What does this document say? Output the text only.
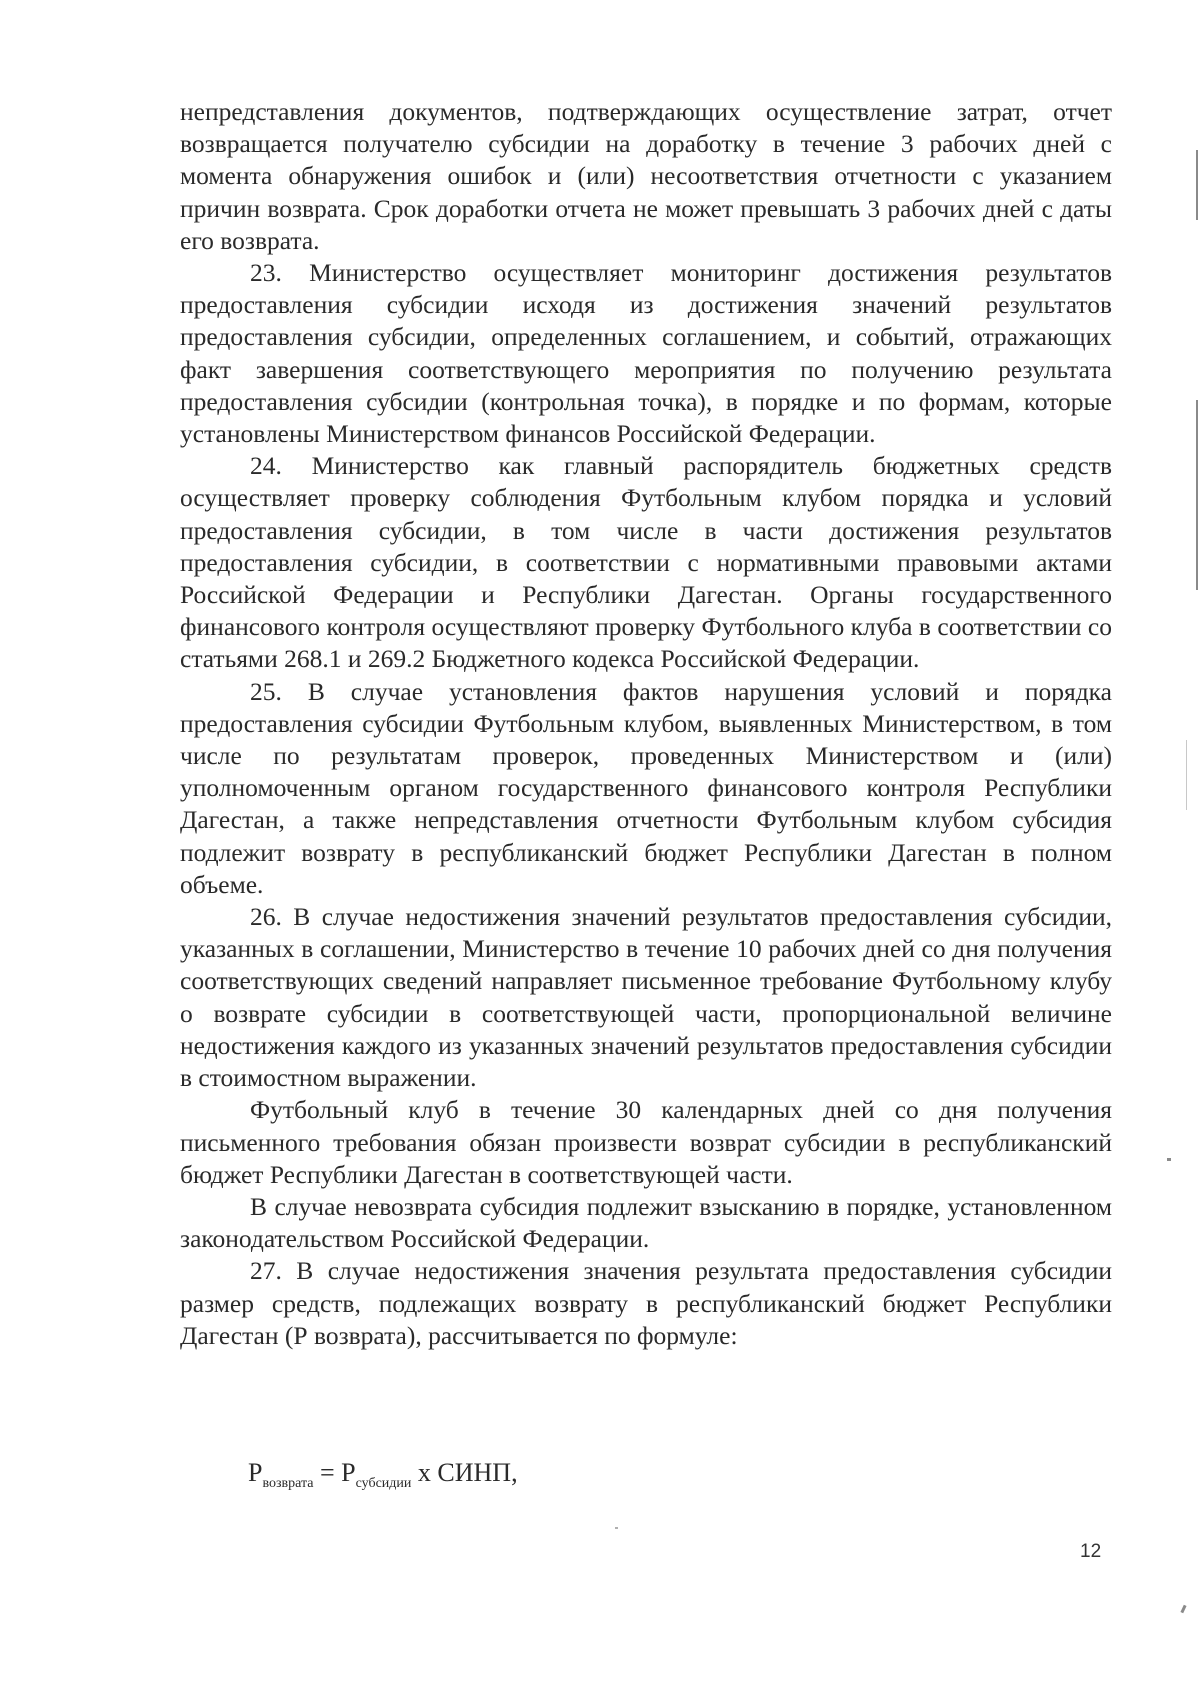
непредставления документов, подтверждающих осуществление затрат, отчет возвращается получателю субсидии на доработку в течение 3 рабочих дней с момента обнаружения ошибок и (или) несоответствия отчетности с указанием причин возврата. Срок доработки отчета не может превышать 3 рабочих дней с даты его возврата.

23. Министерство осуществляет мониторинг достижения результатов предоставления субсидии исходя из достижения значений результатов предоставления субсидии, определенных соглашением, и событий, отражающих факт завершения соответствующего мероприятия по получению результата предоставления субсидии (контрольная точка), в порядке и по формам, которые установлены Министерством финансов Российской Федерации.

24. Министерство как главный распорядитель бюджетных средств осуществляет проверку соблюдения Футбольным клубом порядка и условий предоставления субсидии, в том числе в части достижения результатов предоставления субсидии, в соответствии с нормативными правовыми актами Российской Федерации и Республики Дагестан. Органы государственного финансового контроля осуществляют проверку Футбольного клуба в соответствии со статьями 268.1 и 269.2 Бюджетного кодекса Российской Федерации.

25. В случае установления фактов нарушения условий и порядка предоставления субсидии Футбольным клубом, выявленных Министерством, в том числе по результатам проверок, проведенных Министерством и (или) уполномоченным органом государственного финансового контроля Республики Дагестан, а также непредставления отчетности Футбольным клубом субсидия подлежит возврату в республиканский бюджет Республики Дагестан в полном объеме.

26. В случае недостижения значений результатов предоставления субсидии, указанных в соглашении, Министерство в течение 10 рабочих дней со дня получения соответствующих сведений направляет письменное требование Футбольному клубу о возврате субсидии в соответствующей части, пропорциональной величине недостижения каждого из указанных значений результатов предоставления субсидии в стоимостном выражении.

Футбольный клуб в течение 30 календарных дней со дня получения письменного требования обязан произвести возврат субсидии в республиканский бюджет Республики Дагестан в соответствующей части.

В случае невозврата субсидия подлежит взысканию в порядке, установленном законодательством Российской Федерации.

27. В случае недостижения значения результата предоставления субсидии размер средств, подлежащих возврату в республиканский бюджет Республики Дагестан (Р возврата), рассчитывается по формуле:

$P_{возврата} = P_{субсидии}$ х СИНП,
12
